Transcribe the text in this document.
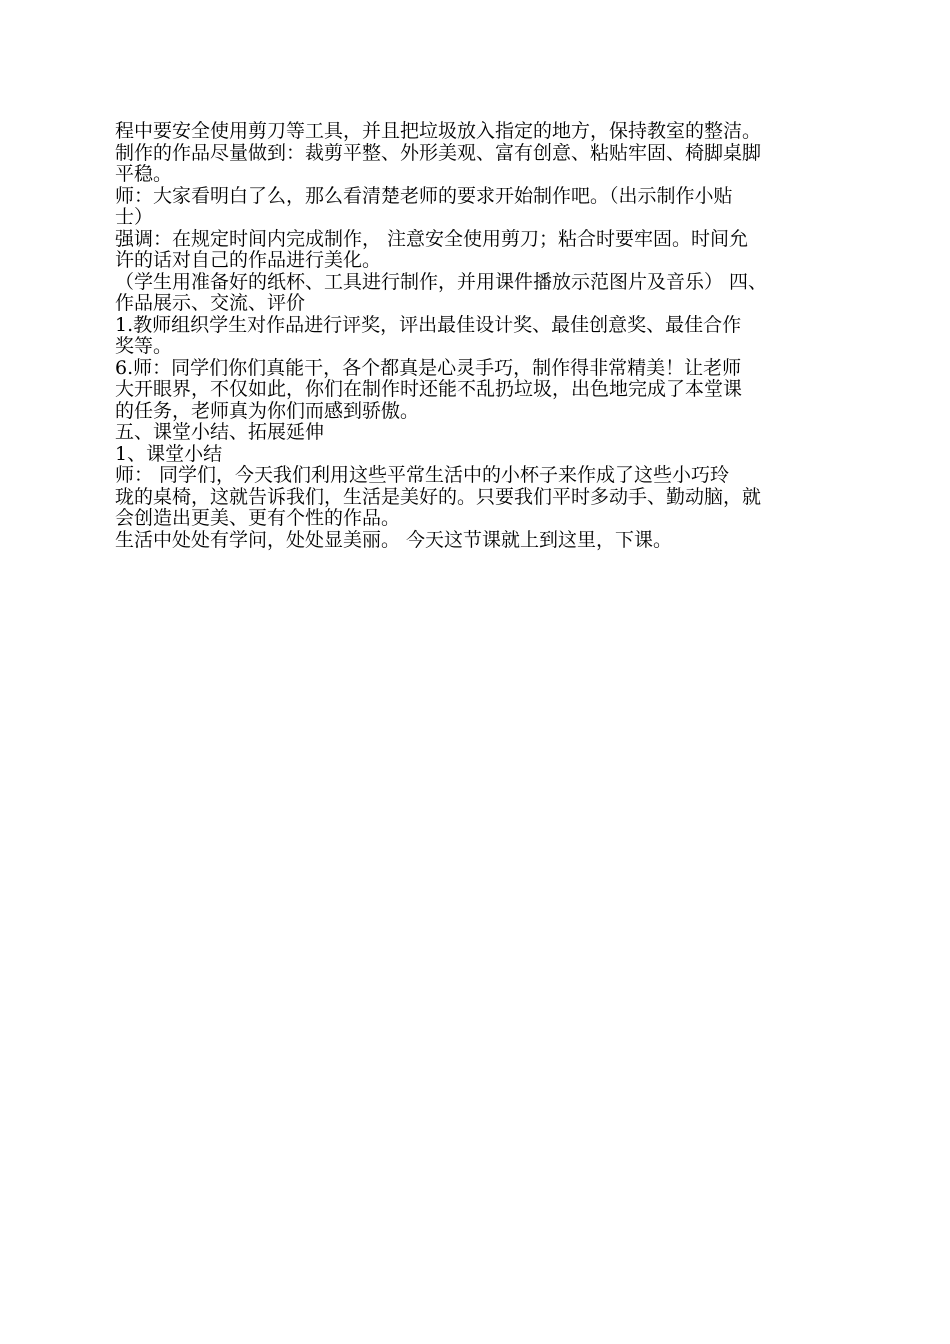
程中要安全使用剪刀等工具，并且把垃圾放入指定的地方，保持教室的整洁。
制作的作品尽量做到：裁剪平整、外形美观、富有创意、粘贴牢固、椅脚桌脚
平稳。
师：大家看明白了么，那么看清楚老师的要求开始制作吧。（出示制作小贴
士）
强调：在规定时间内完成制作， 注意安全使用剪刀；粘合时要牢固。时间允
许的话对自己的作品进行美化。
（学生用准备好的纸杯、工具进行制作，并用课件播放示范图片及音乐） 四、
作品展示、交流、评价
1.教师组织学生对作品进行评奖，评出最佳设计奖、最佳创意奖、最佳合作
奖等。
6.师：同学们你们真能干，各个都真是心灵手巧，制作得非常精美！让老师
大开眼界，不仅如此，你们在制作时还能不乱扔垃圾，出色地完成了本堂课
的任务，老师真为你们而感到骄傲。
五、课堂小结、拓展延伸
1、课堂小结
师： 同学们，今天我们利用这些平常生活中的小杯子来作成了这些小巧玲
珑的桌椅，这就告诉我们，生活是美好的。只要我们平时多动手、勤动脑，就
会创造出更美、更有个性的作品。
生活中处处有学问，处处显美丽。 今天这节课就上到这里，下课。
